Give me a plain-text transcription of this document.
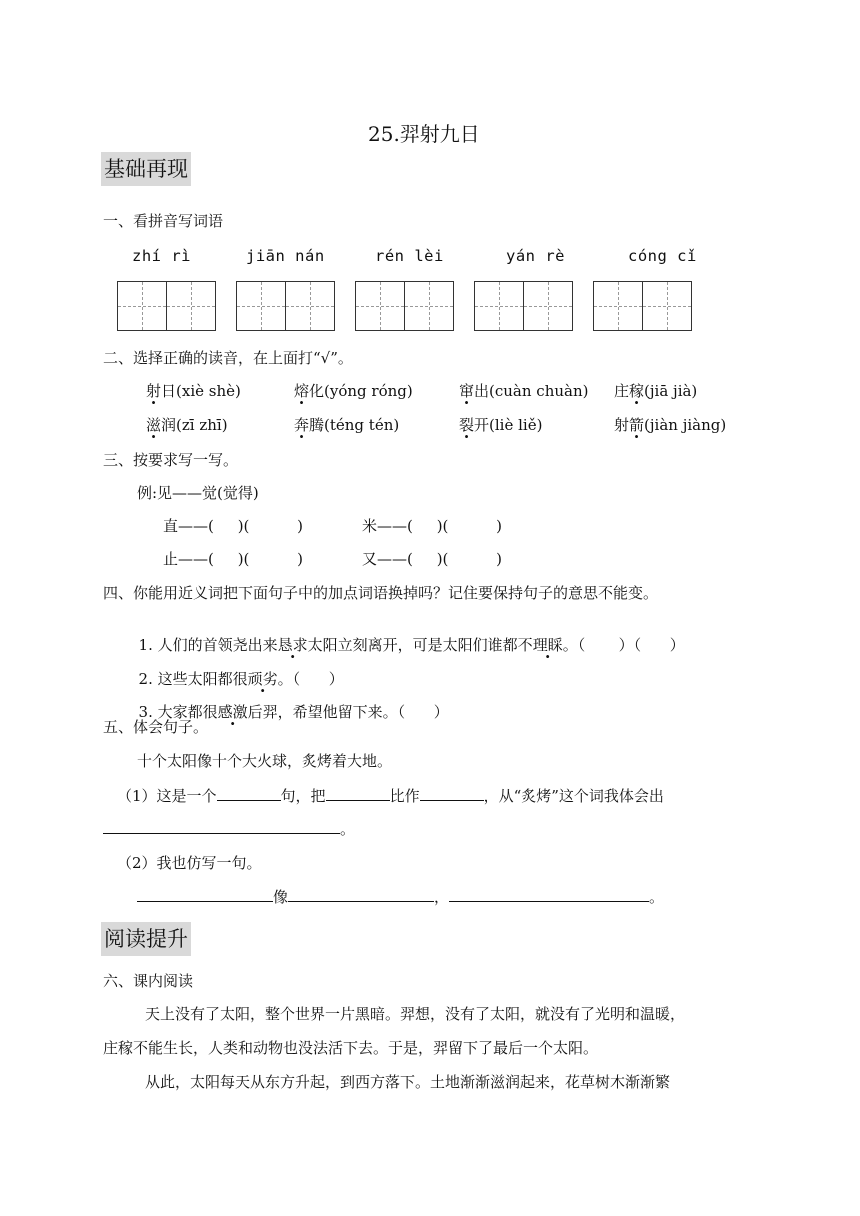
25.羿射九日
基础再现
一、看拼音写词语
zhí rì	jiān nán	rén lèi	yán rè	cóng cǐ
二、选择正确的读音，在上面打“√”。
射日(xiè shè)	熔化(yóng róng)	窜出(cuàn chuàn) 庄稼(jiā jià)
滋润(zī zhī)	奔腾(téng tén)	裂开(liè liě)	射箭(jiàn jiàng)
三、按要求写一写。
例:见——觉(觉得)
直——(     )(          )	米——(     )(          )
止——(     )(          )	又——(     )(          )
四、你能用近义词把下面句子中的加点词语换掉吗？记住要保持句子的意思不能变。

1. 人们的首领尧出来恳求太阳立刻离开，可是太阳们谁都不理睬。（       ）（      ）

2. 这些太阳都很顽劣。（      ）

3. 大家都很感激后羿，希望他留下来。（      ）

五、体会句子。
十个太阳像十个大火球，炙烤着大地。
（1）这是一个	句，把	比作	，从“炙烤”这个词我体会出
。
（2）我也仿写一句。
像	，	。
阅读提升
六、课内阅读
天上没有了太阳，整个世界一片黑暗。羿想，没有了太阳，就没有了光明和温暖，
庄稼不能生长，人类和动物也没法活下去。于是，羿留下了最后一个太阳。
从此，太阳每天从东方升起，到西方落下。土地渐渐滋润起来，花草树木渐渐繁
